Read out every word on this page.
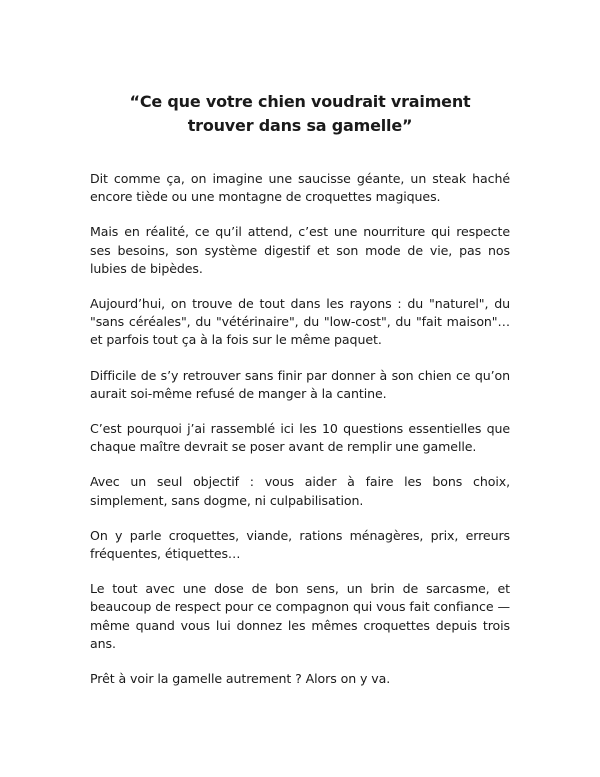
“Ce que votre chien voudrait vraiment
trouver dans sa gamelle”

Dit comme ça, on imagine une saucisse géante, un steak haché encore tiède ou une montagne de croquettes magiques.

Mais en réalité, ce qu’il attend, c’est une nourriture qui respecte ses besoins, son système digestif et son mode de vie, pas nos lubies de bipèdes.

Aujourd’hui, on trouve de tout dans les rayons : du "naturel", du "sans céréales", du "vétérinaire", du "low-cost", du "fait maison"… et parfois tout ça à la fois sur le même paquet.

Difficile de s’y retrouver sans finir par donner à son chien ce qu’on aurait soi-même refusé de manger à la cantine.

C’est pourquoi j’ai rassemblé ici les 10 questions essentielles que chaque maître devrait se poser avant de remplir une gamelle.

Avec un seul objectif : vous aider à faire les bons choix, simplement, sans dogme, ni culpabilisation.

On y parle croquettes, viande, rations ménagères, prix, erreurs fréquentes, étiquettes…

Le tout avec une dose de bon sens, un brin de sarcasme, et beaucoup de respect pour ce compagnon qui vous fait confiance — même quand vous lui donnez les mêmes croquettes depuis trois ans.

Prêt à voir la gamelle autrement ? Alors on y va.
